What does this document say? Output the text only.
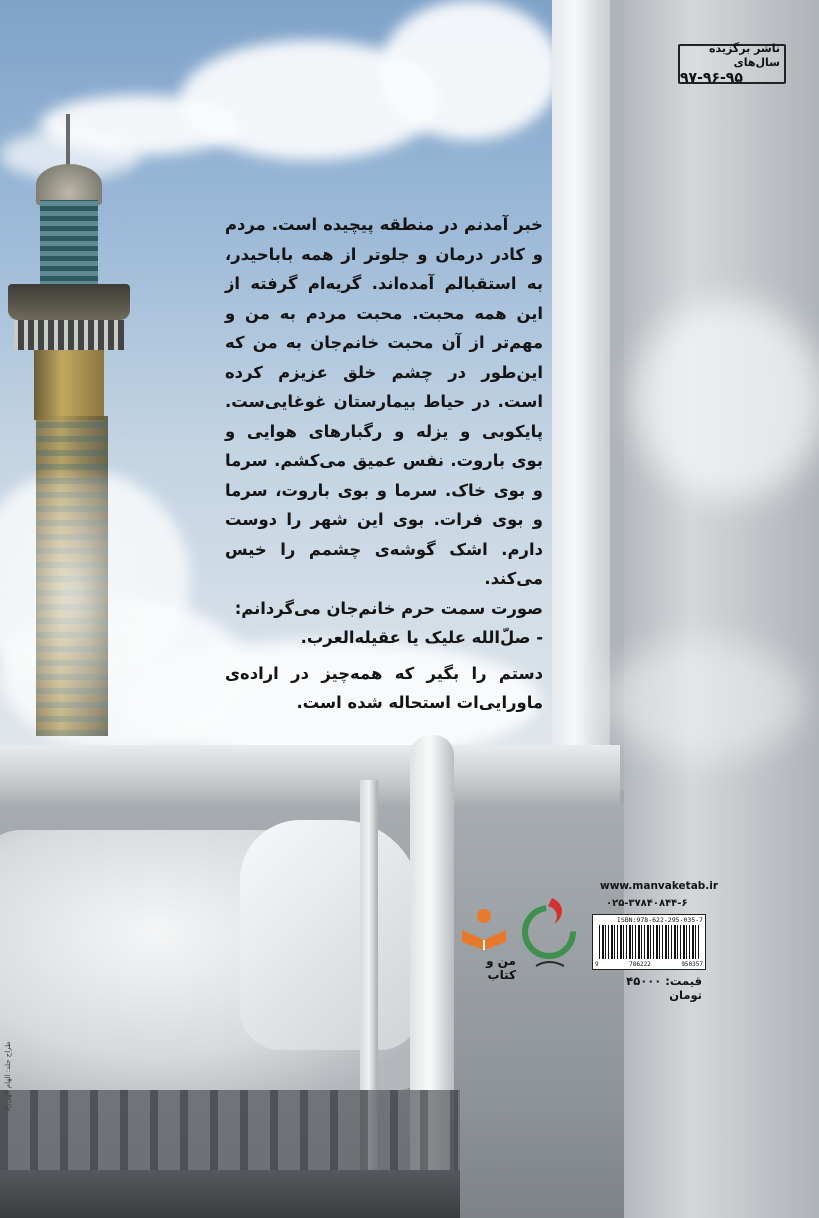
ناشر برگزیده سال‌های
۹۷-۹۶-۹۵

خبر آمدنم در منطقه پیچیده است. مردم و کادر درمان و جلوتر از همه باباحیدر، به استقبالم آمده‌اند. گریه‌ام گرفته از این همه محبت. محبت مردم به من و مهم‌تر از آن محبت خانم‌جان به من که این‌طور در چشم خلق عزیزم کرده است. در حیاط بیمارستان غوغایی‌ست. پایکوبی و یزله و رگبارهای هوایی و بوی باروت. نفس عمیق می‌کشم. سرما و بوی خاک. سرما و بوی باروت، سرما و بوی فرات. بوی این شهر را دوست دارم. اشک گوشه‌ی چشمم را خیس می‌کند.

صورت سمت حرم خانم‌جان می‌گردانم:

- صلّ‌الله علیک یا عقیله‌العرب.

دستم را بگیر که همه‌چیز در اراده‌ی ماورایی‌ات استحاله شده است.

www.manvaketab.ir
۰۲۵-۳۷۸۴۰۸۴۴-۶
ISBN:978-622-295-035-7
9	786222	950357
قیمت: ۴۵۰۰۰ تومان
من و کتاب
طراح جلد: الهام الهی‌راد
